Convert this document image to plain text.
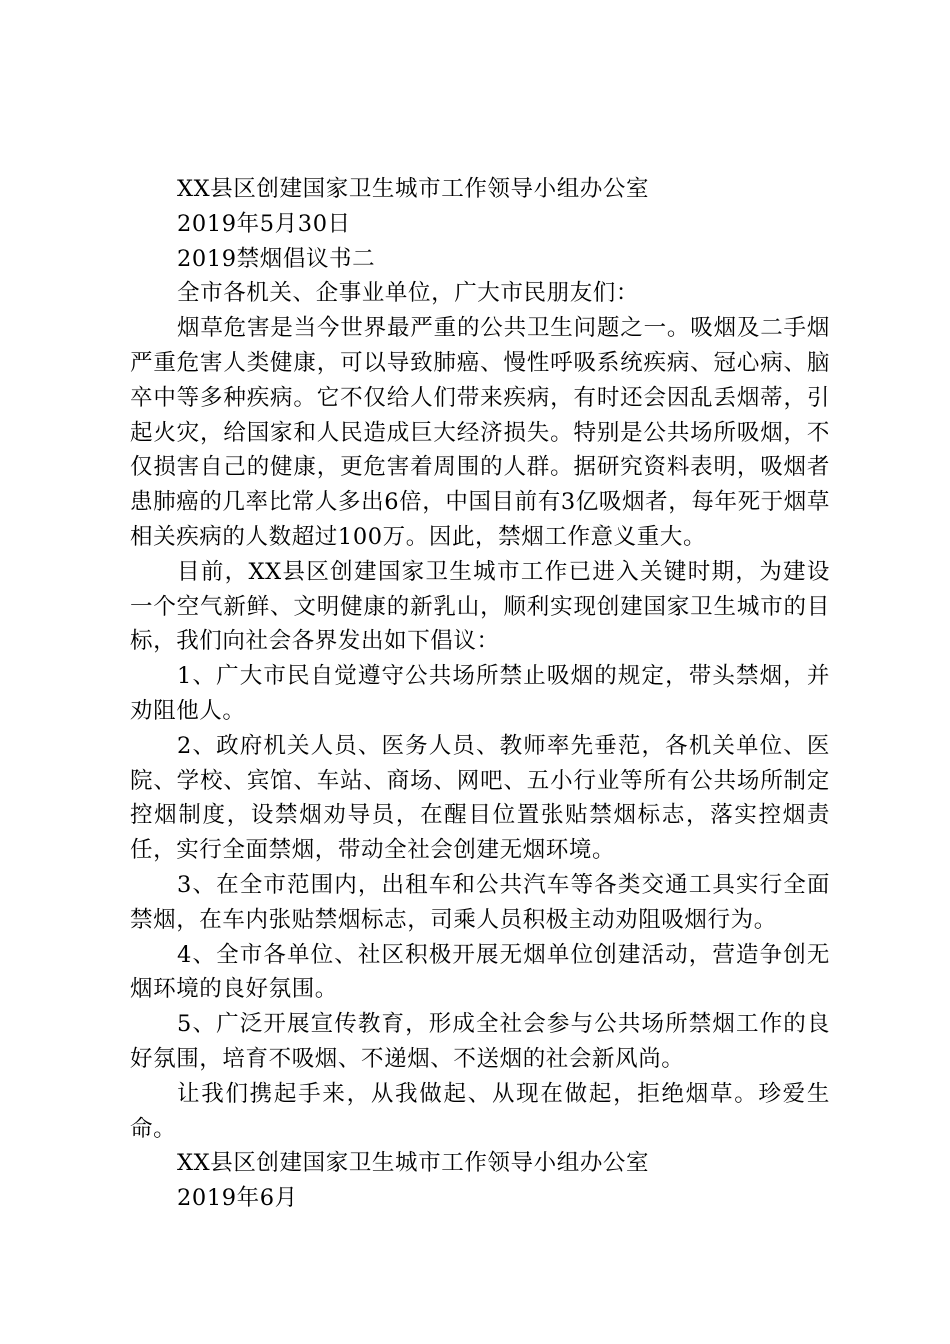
XX县区创建国家卫生城市工作领导小组办公室

2019年5月30日

2019禁烟倡议书二

全市各机关、企事业单位，广大市民朋友们：

烟草危害是当今世界最严重的公共卫生问题之一。吸烟及二手烟严重危害人类健康，可以导致肺癌、慢性呼吸系统疾病、冠心病、脑卒中等多种疾病。它不仅给人们带来疾病，有时还会因乱丢烟蒂，引起火灾，给国家和人民造成巨大经济损失。特别是公共场所吸烟，不仅损害自己的健康，更危害着周围的人群。据研究资料表明，吸烟者患肺癌的几率比常人多出6倍，中国目前有3亿吸烟者，每年死于烟草相关疾病的人数超过100万。因此，禁烟工作意义重大。

目前，XX县区创建国家卫生城市工作已进入关键时期，为建设一个空气新鲜、文明健康的新乳山，顺利实现创建国家卫生城市的目标，我们向社会各界发出如下倡议：

1、广大市民自觉遵守公共场所禁止吸烟的规定，带头禁烟，并劝阻他人。

2、政府机关人员、医务人员、教师率先垂范，各机关单位、医院、学校、宾馆、车站、商场、网吧、五小行业等所有公共场所制定控烟制度，设禁烟劝导员，在醒目位置张贴禁烟标志，落实控烟责任，实行全面禁烟，带动全社会创建无烟环境。

3、在全市范围内，出租车和公共汽车等各类交通工具实行全面禁烟，在车内张贴禁烟标志，司乘人员积极主动劝阻吸烟行为。

4、全市各单位、社区积极开展无烟单位创建活动，营造争创无烟环境的良好氛围。

5、广泛开展宣传教育，形成全社会参与公共场所禁烟工作的良好氛围，培育不吸烟、不递烟、不送烟的社会新风尚。

让我们携起手来，从我做起、从现在做起，拒绝烟草。珍爱生命。

XX县区创建国家卫生城市工作领导小组办公室

2019年6月
